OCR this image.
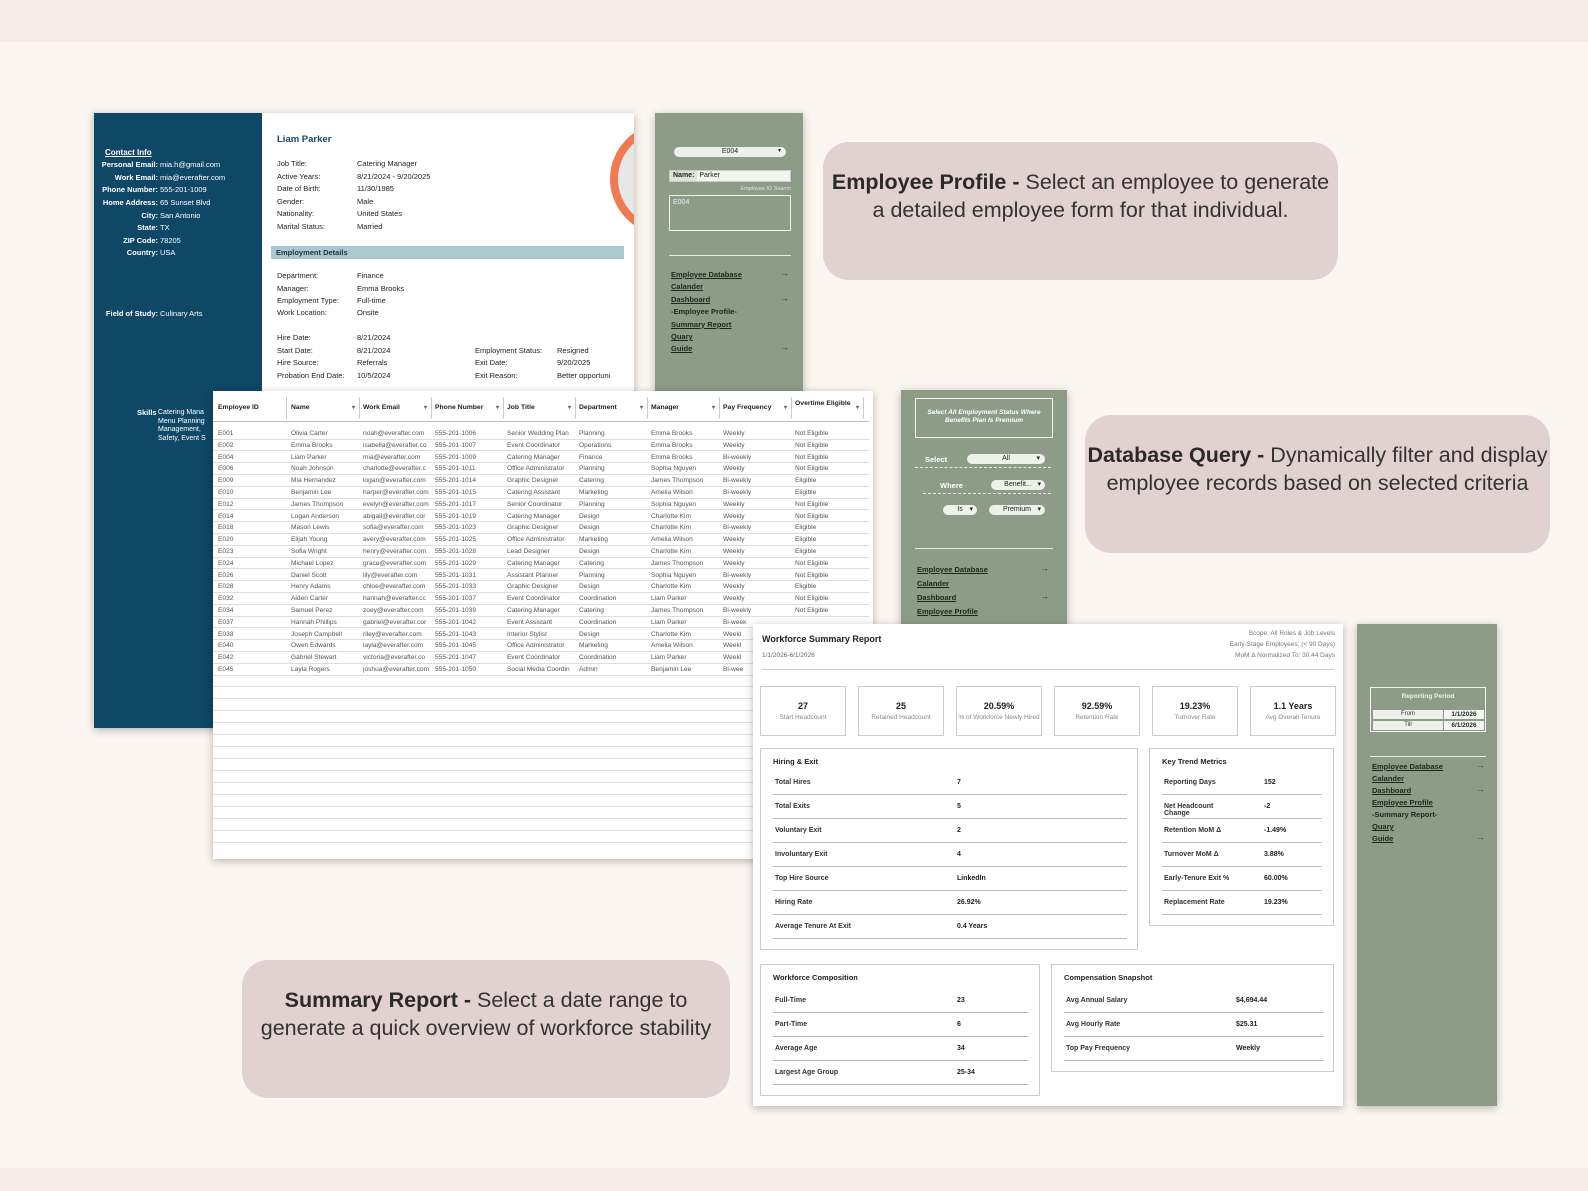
Contact Info
Personal Email: mia.h@gmail.com
Work Email: mia@everafter.com
Phone Number: 555-201-1009
Home Address: 65 Sunset Blvd
City: San Antonio
State: TX
ZIP Code: 78205
Country: USA
Field of Study: Culinary Arts
Skills Catering Mana
Menu Planning
Management,
Safety, Event S
Liam Parker
Job Title:	Catering Manager
Active Years:	8/21/2024 - 9/20/2025
Date of Birth:	11/30/1985
Gender:	Male
Nationality:	United States
Marital Status:	Married
Employment Details
Department:	Finance
Manager:	Emma Brooks
Employment Type: Full-time
Work Location:	Onsite
Hire Date:	8/21/2024
Start Date:	8/21/2024
Hire Source:	Referrals
Probation End Date: 10/5/2024
Employment Status: Resigned
Exit Date:	9/20/2025
Exit Reason:	Better opportuni
E004	▾
Name: Parker
Employee ID Search
E004
Employee Database	→
Calander
Dashboard	→
-Employee Profile-
Summary Report
Quary
Guide	→
Select All Employment Status Where Benefits Plan Is Premium
Select	All	▾
Where	Benefit... ▾
Is ▾	Premium ▾
Employee Database	→
Calander
Dashboard	→
Employee Profile
Employee ID	Name	▾	Work Email	▾	Phone Number ▾	Job Title	▾	Department	▾	Manager	▾	Pay Frequency ▾
Overtime Eligible
▾
E001	Olivia Carter	noah@everafter.com	555-201-1006	Senior Wedding Plan	Planning	Emma Brooks	Weekly	Not Eligible
E002	Emma Brooks	isabella@everafter.co	555-201-1007	Event Coordinator	Operations	Emma Brooks	Weekly	Not Eligible
E004	Liam Parker	mia@everafter.com	555-201-1009	Catering Manager	Finance	Emma Brooks	Bi-weekly	Not Eligible
E006	Noah Johnson	charlotte@everafter.c	555-201-1011	Office Administrator	Planning	Sophia Nguyen	Weekly	Not Eligible
E009	Mia Hernandez	logan@everafter.com	555-201-1014	Graphic Designer	Catering	James Thompson	Bi-weekly	Eligible
E010	Benjamin Lee	harper@everafter.com 555-201-1015	Catering Assistant	Marketing	Amelia Wilson	Bi-weekly	Eligible
E012	James Thompson	evelyn@everafter.com 555-201-1017	Senior Coordinator	Planning	Sophia Nguyen	Weekly	Not Eligible
E014	Logan Anderson	abigail@everafter.cor	555-201-1019	Catering Manager	Design	Charlotte Kim	Weekly	Not Eligible
E018	Mason Lewis	sofia@everafter.com	555-201-1023	Graphic Designer	Design	Charlotte Kim	Bi-weekly	Eligible
E020	Elijah Young	avery@everafter.com	555-201-1025	Office Administrator	Marketing	Amelia Wilson	Weekly	Eligible
E023	Sofia Wright	henry@everafter.com	555-201-1028	Lead Designer	Design	Charlotte Kim	Weekly	Eligible
E024	Michael Lopez	grace@everafter.com	555-201-1029	Catering Manager	Catering	James Thompson	Weekly	Not Eligible
E026	Daniel Scott	lily@everafter.com	555-201-1031	Assistant Planner	Planning	Sophia Nguyen	Bi-weekly	Not Eligible
E028	Henry Adams	chloe@everafter.com	555-201-1033	Graphic Designer	Design	Charlotte Kim	Weekly	Eligible
E032	Aiden Carter	hannah@everafter.cc	555-201-1037	Event Coordinator	Coordination	Liam Parker	Weekly	Not Eligible
E034	Samuel Perez	zoey@everafter.com	555-201-1039	Catering Manager	Catering	James Thompson	Bi-weekly	Not Eligible
E037	Hannah Phillips	gabriel@everafter.cor	555-201-1042	Event Assistant	Coordination	Liam Parker	Bi-week
E038	Joseph Campbell	riley@everafter.com	555-201-1043	Interior Stylist	Design	Charlotte Kim	Weekl
E040	Owen Edwards	layla@everafter.com	555-201-1045	Office Administrator	Marketing	Amelia Wilson	Weekl
E042	Gabriel Stewart	victoria@everafter.co	555-201-1047	Event Coordinator	Coordination	Liam Parker	Weekl
E045	Layla Rogers	joshua@everafter.com 555-201-1050	Social Media Coordin	Admin	Benjamin Lee	Bi-wee
Workforce Summary Report
1/1/2026-6/1/2026
Scope: All Roles & Job Levels
Early-Stage Employees: (< 90 Days)
MoM Δ Normalized To: 30.44 Days
27
Start Headcount
25
Retained Headcount
20.59%
% of Workforce Newly Hired
92.59%
Retention Rate
19.23%
Turnover Rate
1.1 Years
Avg Overall Tenure
Hiring & Exit
Total Hires	7
Total Exits	5
Voluntary Exit	2
Involuntary Exit	4
Top Hire Source	LinkedIn
Hiring Rate	26.92%
Average Tenure At Exit	0.4 Years
Key Trend Metrics
Reporting Days	152
Net Headcount Change
-2
Retention MoM Δ	-1.49%
Turnover MoM Δ	3.88%
Early-Tenure Exit %	60.00%
Replacement Rate	19.23%
Workforce Composition
Full-Time	23
Part-Time	6
Average Age	34
Largest Age Group	25-34
Compensation Snapshot
Avg Annual Salary	$4,694.44
Avg Hourly Rate	$25.31
Top Pay Frequency	Weekly
Reporting Period
From	1/1/2026
Till	6/1/2026
Employee Database	→
Calander
Dashboard	→
Employee Profile
-Summary Report-
Quary
Guide	→
Employee Profile - Select an employee to generate a detailed employee form for that individual.
Database Query - Dynamically filter and display employee records based on selected criteria
Summary Report - Select a date range to generate a quick overview of workforce stability
